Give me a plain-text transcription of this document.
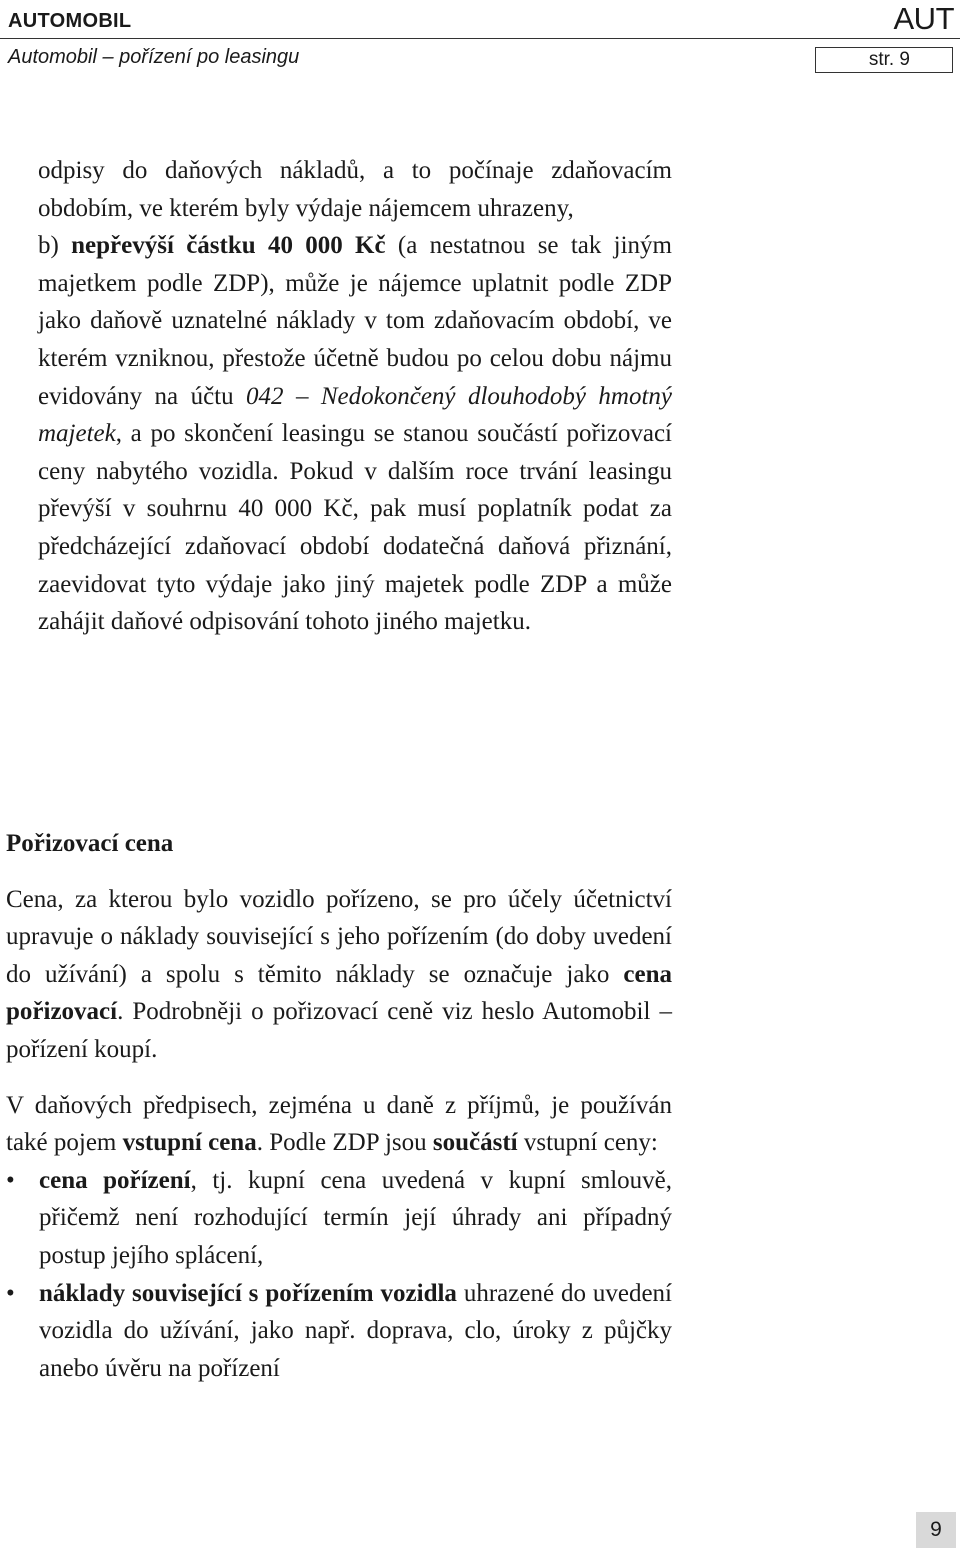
AUTOMOBIL	AUT
Automobil – pořízení po leasingu	str. 9

odpisy do daňových nákladů, a to počínaje zdaňovacím obdobím, ve kterém byly výdaje nájemcem uhrazeny,

b) nepřevýší částku 40 000 Kč (a nestatnou se tak jiným majetkem podle ZDP), může je nájemce uplatnit podle ZDP jako daňově uznatelné náklady v tom zdaňovacím období, ve kterém vzniknou, přestože účetně budou po celou dobu nájmu evidovány na účtu 042 – Nedokončený dlouhodobý hmotný majetek, a po skončení leasingu se stanou součástí pořizovací ceny nabytého vozidla. Pokud v dalším roce trvání leasingu převýší v souhrnu 40 000 Kč, pak musí poplatník podat za předcházející zdaňovací období dodatečná daňová přiznání, zaevidovat tyto výdaje jako jiný majetek podle ZDP a může zahájit daňové odpisování tohoto jiného majetku.

Pořizovací cena

Cena, za kterou bylo vozidlo pořízeno, se pro účely účetnictví upravuje o náklady související s jeho pořízením (do doby uvedení do užívání) a spolu s těmito náklady se označuje jako cena pořizovací. Podrobněji o pořizovací ceně viz heslo Automobil – pořízení koupí.

V daňových předpisech, zejména u daně z příjmů, je používán také pojem vstupní cena. Podle ZDP jsou součástí vstupní ceny:

• cena pořízení, tj. kupní cena uvedená v kupní smlouvě, přičemž není rozhodující termín její úhrady ani případný postup jejího splácení,
• náklady související s pořízením vozidla uhrazené do uvedení vozidla do užívání, jako např. doprava, clo, úroky z půjčky anebo úvěru na pořízení
9
